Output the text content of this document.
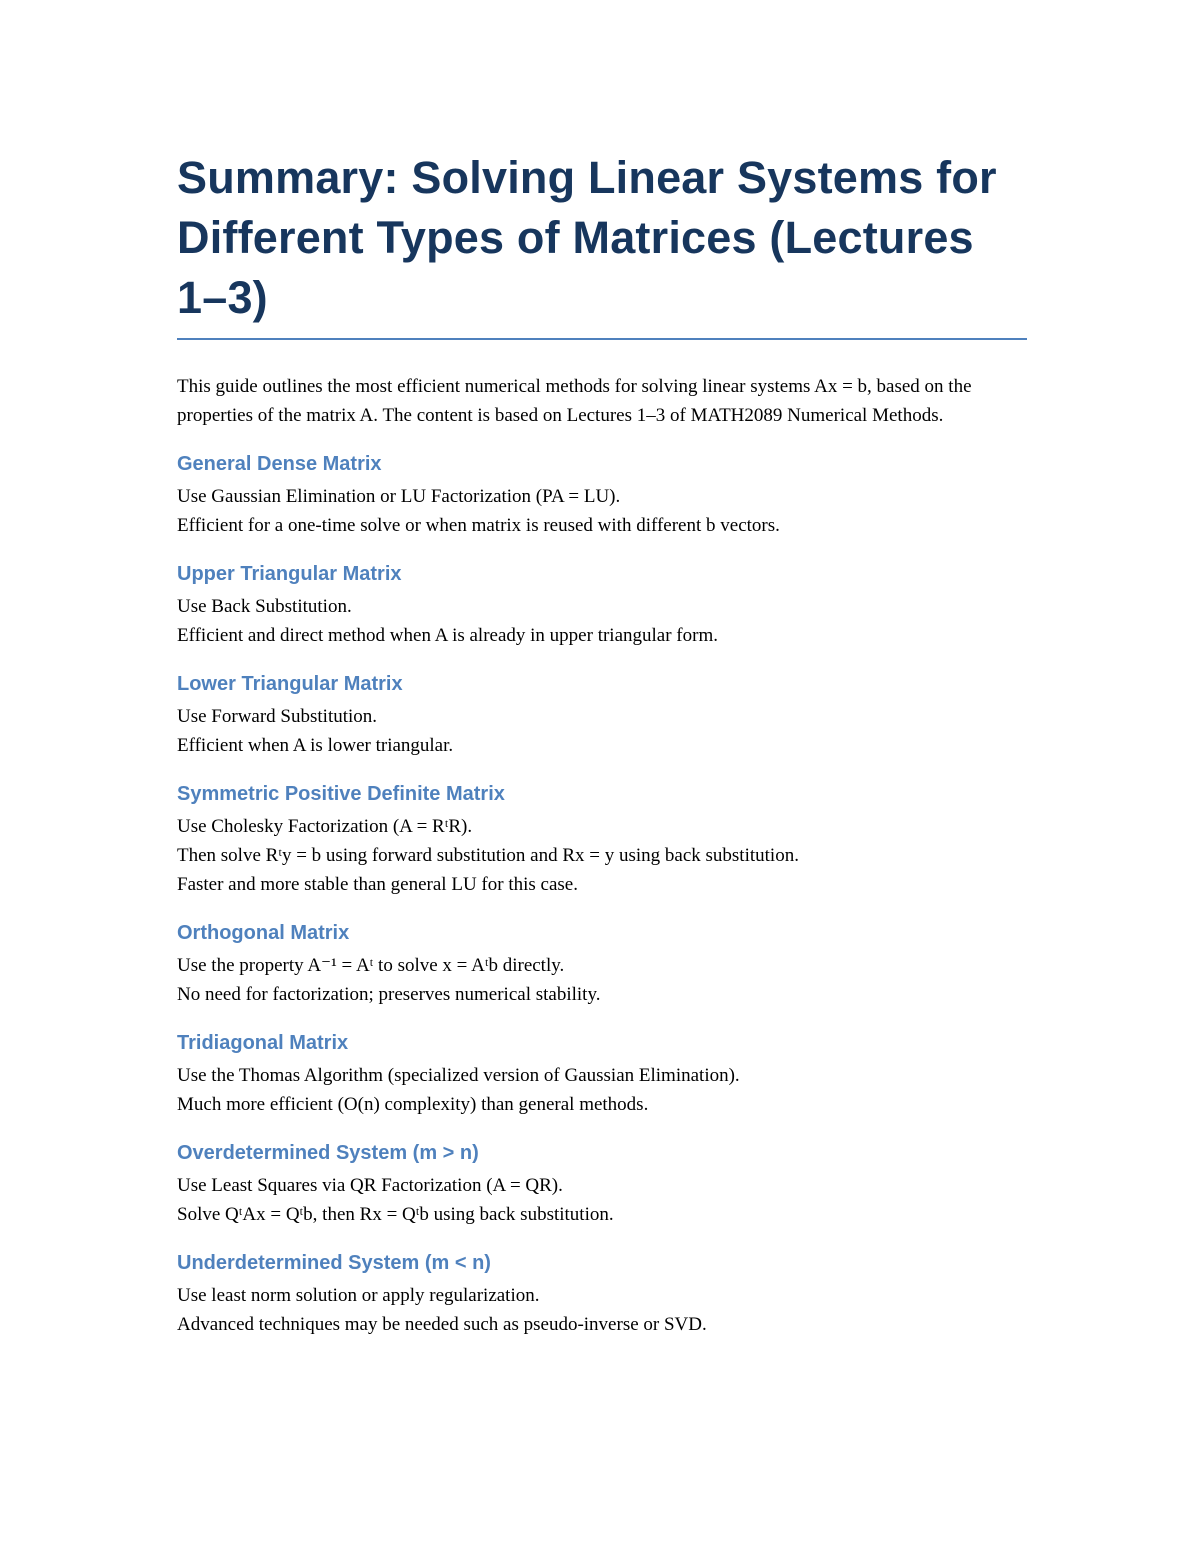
Summary: Solving Linear Systems for Different Types of Matrices (Lectures 1–3)

This guide outlines the most efficient numerical methods for solving linear systems Ax = b, based on the properties of the matrix A. The content is based on Lectures 1–3 of MATH2089 Numerical Methods.

General Dense Matrix

Use Gaussian Elimination or LU Factorization (PA = LU).

Efficient for a one-time solve or when matrix is reused with different b vectors.

Upper Triangular Matrix

Use Back Substitution.

Efficient and direct method when A is already in upper triangular form.

Lower Triangular Matrix

Use Forward Substitution.

Efficient when A is lower triangular.

Symmetric Positive Definite Matrix

Use Cholesky Factorization (A = RᵗR).

Then solve Rᵗy = b using forward substitution and Rx = y using back substitution.

Faster and more stable than general LU for this case.

Orthogonal Matrix

Use the property A⁻¹ = Aᵗ to solve x = Aᵗb directly.

No need for factorization; preserves numerical stability.

Tridiagonal Matrix

Use the Thomas Algorithm (specialized version of Gaussian Elimination).

Much more efficient (O(n) complexity) than general methods.

Overdetermined System (m > n)

Use Least Squares via QR Factorization (A = QR).

Solve QᵗAx = Qᵗb, then Rx = Qᵗb using back substitution.

Underdetermined System (m < n)

Use least norm solution or apply regularization.

Advanced techniques may be needed such as pseudo-inverse or SVD.
